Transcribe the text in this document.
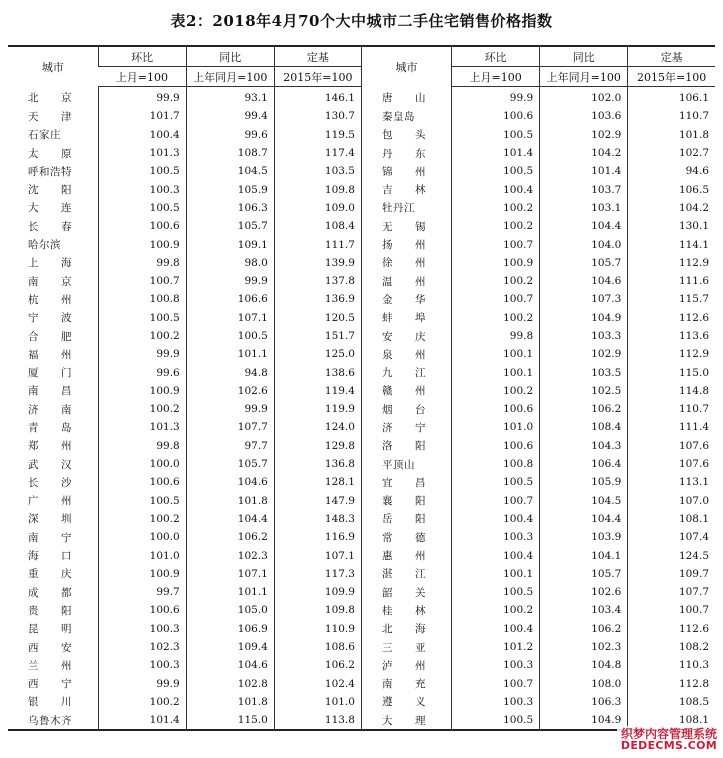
表2：2018年4月70个大中城市二手住宅销售价格指数
城市	环比	同比	定基	城市	环比	同比	定基
	上月=100	上年同月=100	2015年=100		上月=100	上年同月=100	2015年=100
北　　京	99.9	93.1	146.1	唐　　山	99.9	102.0	106.1
天　　津	101.7	99.4	130.7	秦皇岛	100.6	103.6	110.7
石家庄	100.4	99.6	119.5	包　　头	100.5	102.9	101.8
太　　原	101.3	108.7	117.4	丹　　东	101.4	104.2	102.7
呼和浩特	100.5	104.5	103.5	锦　　州	100.5	101.4	94.6
沈　　阳	100.3	105.9	109.8	吉　　林	100.4	103.7	106.5
大　　连	100.5	106.3	109.0	牡丹江	100.2	103.1	104.2
长　　春	100.6	105.7	108.4	无　　锡	100.2	104.4	130.1
哈尔滨	100.9	109.1	111.7	扬　　州	100.7	104.0	114.1
上　　海	99.8	98.0	139.9	徐　　州	100.9	105.7	112.9
南　　京	100.7	99.9	137.8	温　　州	100.2	104.6	111.6
杭　　州	100.8	106.6	136.9	金　　华	100.7	107.3	115.7
宁　　波	100.5	107.1	120.5	蚌　　埠	100.2	104.9	112.6
合　　肥	100.2	100.5	151.7	安　　庆	99.8	103.3	113.6
福　　州	99.9	101.1	125.0	泉　　州	100.1	102.9	112.9
厦　　门	99.6	94.8	138.6	九　　江	100.1	103.5	115.0
南　　昌	100.9	102.6	119.4	赣　　州	100.2	102.5	114.8
济　　南	100.2	99.9	119.9	烟　　台	100.6	106.2	110.7
青　　岛	101.3	107.7	124.0	济　　宁	101.0	108.4	111.4
郑　　州	99.8	97.7	129.8	洛　　阳	100.6	104.3	107.6
武　　汉	100.0	105.7	136.8	平顶山	100.8	106.4	107.6
长　　沙	100.6	104.6	128.1	宜　　昌	100.5	105.9	113.1
广　　州	100.5	101.8	147.9	襄　　阳	100.7	104.5	107.0
深　　圳	100.2	104.4	148.3	岳　　阳	100.4	104.4	108.1
南　　宁	100.0	106.2	116.9	常　　德	100.3	103.9	107.4
海　　口	101.0	102.3	107.1	惠　　州	100.4	104.1	124.5
重　　庆	100.9	107.1	117.3	湛　　江	100.1	105.7	109.7
成　　都	99.7	101.1	109.9	韶　　关	100.5	102.6	107.7
贵　　阳	100.6	105.0	109.8	桂　　林	100.2	103.4	100.7
昆　　明	100.3	106.9	110.9	北　　海	100.4	106.2	112.6
西　　安	102.3	109.4	108.6	三　　亚	101.2	102.3	108.2
兰　　州	100.3	104.6	106.2	泸　　州	100.3	104.8	110.3
西　　宁	99.9	102.8	102.4	南　　充	100.7	108.0	112.8
银　　川	100.2	101.8	101.0	遵　　义	100.3	106.3	108.5
乌鲁木齐	101.4	115.0	113.8	大　　理	100.5	104.9	108.1
织梦内容管理系统
DEDECMS.COM
